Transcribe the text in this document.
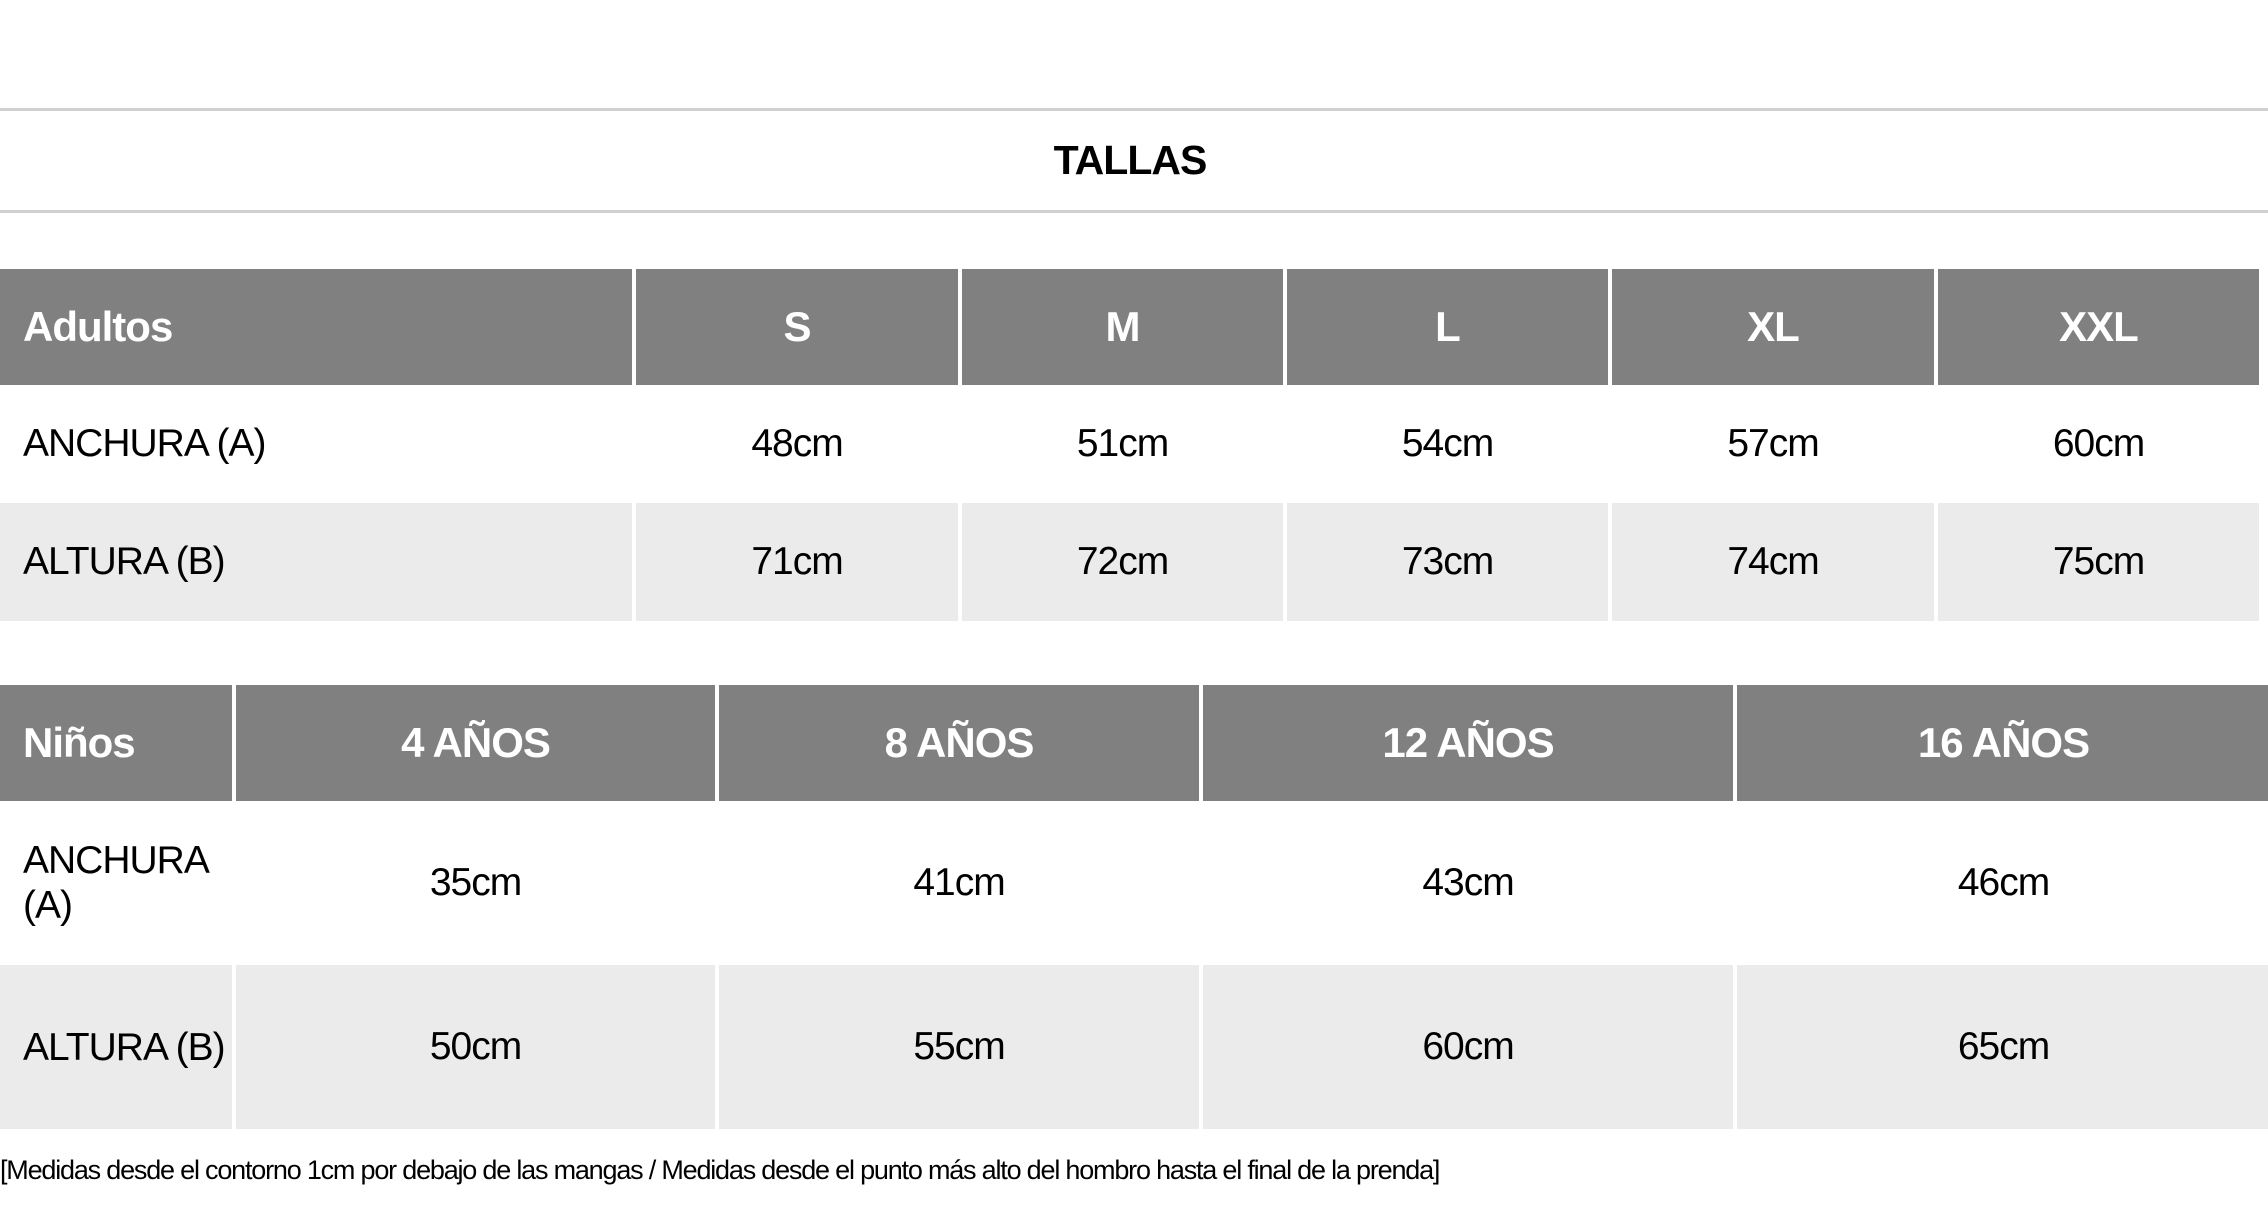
TALLAS
Adultos	S	M	L	XL	XXL
ANCHURA (A)	48cm	51cm	54cm	57cm	60cm
ALTURA (B)	71cm	72cm	73cm	74cm	75cm
Niños	4 AÑOS	8 AÑOS	12 AÑOS	16 AÑOS
ANCHURA (A)	35cm	41cm	43cm	46cm
ALTURA (B)	50cm	55cm	60cm	65cm
[Medidas desde el contorno 1cm por debajo de las mangas / Medidas desde el punto más alto del hombro hasta el final de la prenda]
